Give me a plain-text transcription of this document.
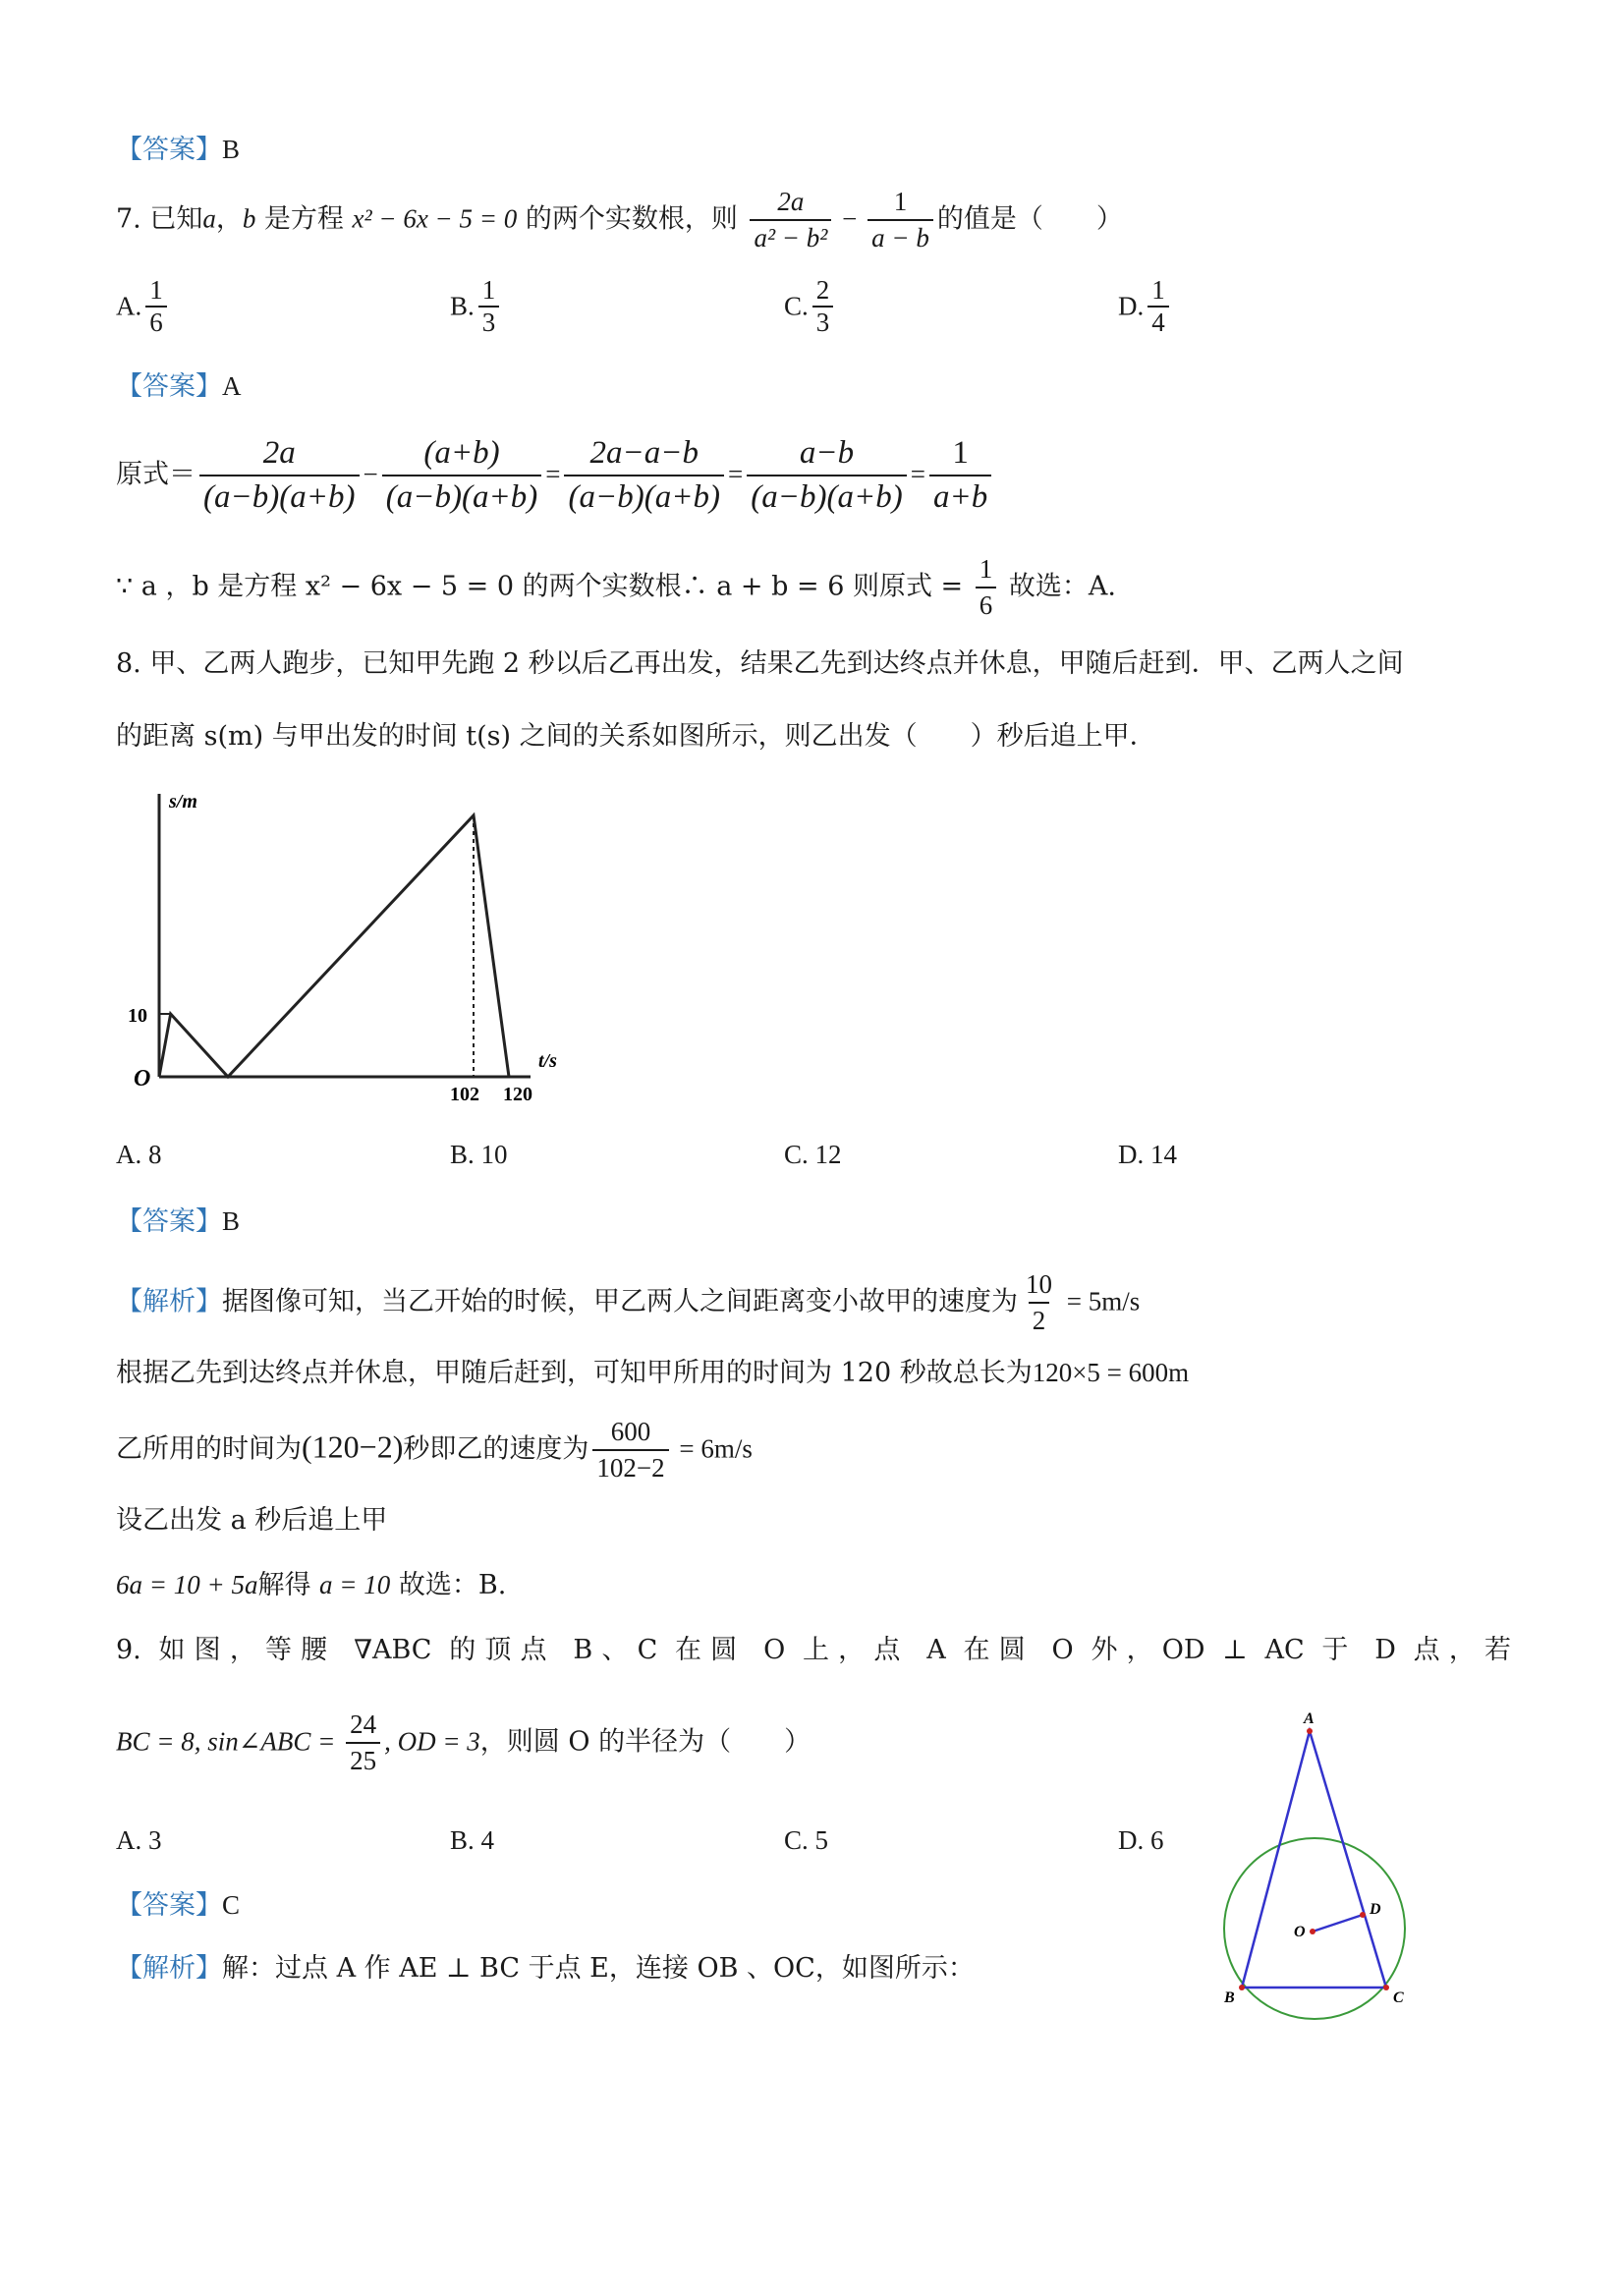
【答案】B
7. 已知a，b 是方程 x² − 6x − 5 = 0 的两个实数根，则 $\frac{2a}{\text{a² − b²}} - \frac{1}{a - b}$ 的值是（　　）
A. $\frac{1}{6}$	B. $\frac{1}{3}$	C. $\frac{2}{3}$	D. $\frac{1}{4}$
【答案】A
原式＝ $\frac{2a}{(a-b)(a+b)} - \frac{(a+b)}{(a-b)(a+b)} = \frac{2a-a-b}{(a-b)(a+b)} = \frac{a-b}{(a-b)(a+b)} = \frac{1}{a+b}$
∵ a ，b 是方程 x² − 6x − 5 = 0 的两个实数根∴ a + b = 6 则原式 = $\frac{1}{6}$ 故选：A.
8. 甲、乙两人跑步，已知甲先跑 2 秒以后乙再出发，结果乙先到达终点并休息，甲随后赶到．甲、乙两人之间
的距离 s(m) 与甲出发的时间 t(s) 之间的关系如图所示，则乙出发（　　）秒后追上甲．
s/m
t/s
O
10
102 120
A. 8	B. 10	C. 12	D. 14
【答案】B
【解析】据图像可知，当乙开始的时候，甲乙两人之间距离变小故甲的速度为 $\frac{10}{2} = 5m/s$
根据乙先到达终点并休息，甲随后赶到，可知甲所用的时间为 120 秒故总长为120×5 = 600m
乙所用的时间为(120−2)秒即乙的速度为 $\frac{600}{102-2} = 6m/s$
设乙出发 a 秒后追上甲
6a = 10 + 5a解得 a = 10 故选：B.
9. 如图，等腰 ∇ABC 的顶点 B、C 在圆 O 上，点 A 在圆 O 外，OD ⊥ AC 于 D 点，若
BC = 8, sin∠ABC = $\frac{24}{25}$ , OD = 3，则圆 O 的半径为（　　）
A. 3	B. 4	C. 5	D. 6
【答案】C
【解析】解：过点 A 作 AE ⊥ BC 于点 E，连接 OB 、OC，如图所示：
A
B	C
D
O
